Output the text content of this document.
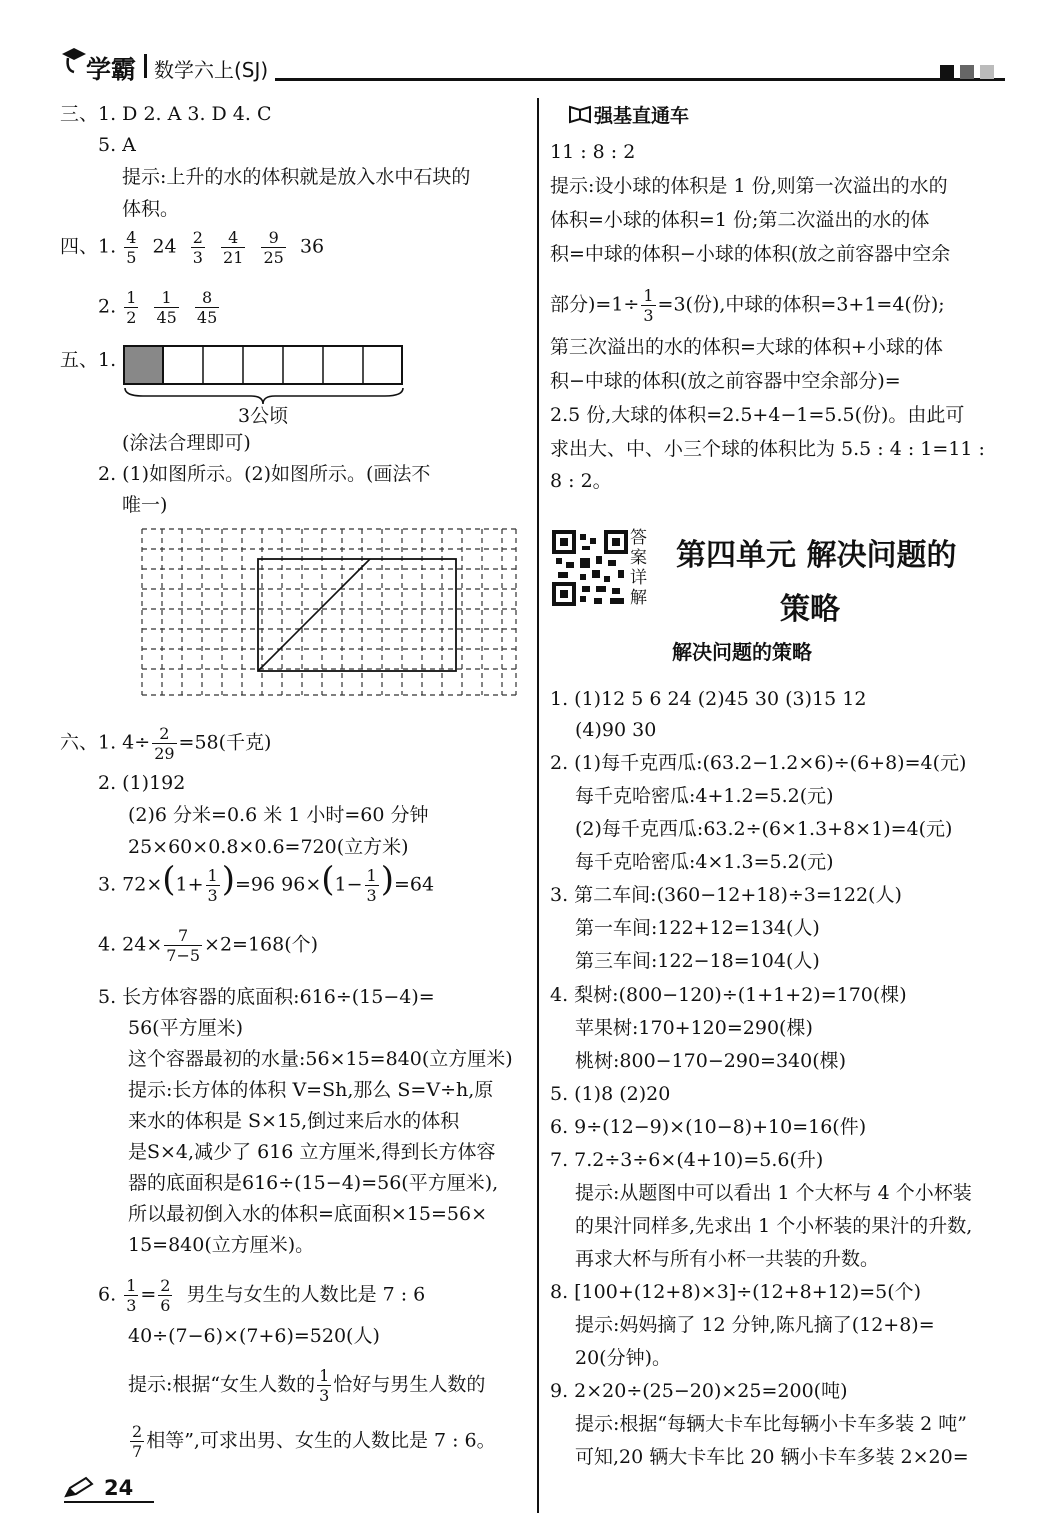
学霸 数学六上(SJ)
三、1. D 2. A 3. D 4. C
5. A
提示:上升的水的体积就是放入水中石块的
体积。
四、1. $\frac{4}{5} 24 \frac{2}{3}$
$\frac{4}{21}$
$\frac{9}{25} 36$
2. $\frac{1}{2}$
$\frac{1}{45}$
$\frac{8}{45}$
五、1.
3公顷
(涂法合理即可)
2. (1)如图所示。(2)如图所示。(画法不
唯一)
六、1. $4\div \frac{2}{29} =58$(千克)
2. (1)192
(2)6 分米=0.6 米 1 小时=60 分钟
25×60×0.8×0.6=720(立方米)
3. $72\times(1+ \frac{1}{3} )=96$ $96\times(1- \frac{1}{3} )=64$
4. $24\times \frac{7}{7-5} \times 2=168$(个)
5. 长方体容器的底面积:616÷(15−4)=
56(平方厘米)
这个容器最初的水量:56×15=840(立方厘米)
提示:长方体的体积 V=Sh,那么 S=V÷h,原
来水的体积是 S×15,倒过来后水的体积
是S×4,减少了 616 立方厘米,得到长方体容
器的底面积是616÷(15−4)=56(平方厘米),
所以最初倒入水的体积=底面积×15=56×
15=840(立方厘米)。
6. $\frac{1}{3} = \frac{2}{6}$ 男生与女生的人数比是 7 : 6
40÷(7−6)×(7+6)=520(人)
提示:根据“女生人数的 $\frac{1}{3}$ 恰好与男生人数的
$\frac{2}{7}$ 相等”,可求出男、女生的人数比是 7 : 6。
24
强基直通车
11 : 8 : 2
提示:设小球的体积是 1 份,则第一次溢出的水的
体积=小球的体积=1 份;第二次溢出的水的体
积=中球的体积−小球的体积(放之前容器中空余
部分)$=1\div \frac{1}{3} =3$(份),中球的体积=3+1=4(份);
第三次溢出的水的体积=大球的体积+小球的体
积−中球的体积(放之前容器中空余部分)=
2.5 份,大球的体积=2.5+4−1=5.5(份)。由此可
求出大、中、小三个球的体积比为 5.5 : 4 : 1=11 :
8 : 2。
答案详解
第四单元 解决问题的
策略
解决问题的策略
1. (1)12 5 6 24 (2)45 30 (3)15 12
(4)90 30
2. (1)每千克西瓜:(63.2−1.2×6)÷(6+8)=4(元)
每千克哈密瓜:4+1.2=5.2(元)
(2)每千克西瓜:63.2÷(6×1.3+8×1)=4(元)
每千克哈密瓜:4×1.3=5.2(元)
3. 第二车间:(360−12+18)÷3=122(人)
第一车间:122+12=134(人)
第三车间:122−18=104(人)
4. 梨树:(800−120)÷(1+1+2)=170(棵)
苹果树:170+120=290(棵)
桃树:800−170−290=340(棵)
5. (1)8 (2)20
6. 9÷(12−9)×(10−8)+10=16(件)
7. 7.2÷3÷6×(4+10)=5.6(升)
提示:从题图中可以看出 1 个大杯与 4 个小杯装
的果汁同样多,先求出 1 个小杯装的果汁的升数,
再求大杯与所有小杯一共装的升数。
8. [100+(12+8)×3]÷(12+8+12)=5(个)
提示:妈妈摘了 12 分钟,陈凡摘了(12+8)=
20(分钟)。
9. 2×20÷(25−20)×25=200(吨)
提示:根据“每辆大卡车比每辆小卡车多装 2 吨”
可知,20 辆大卡车比 20 辆小卡车多装 2×20=
